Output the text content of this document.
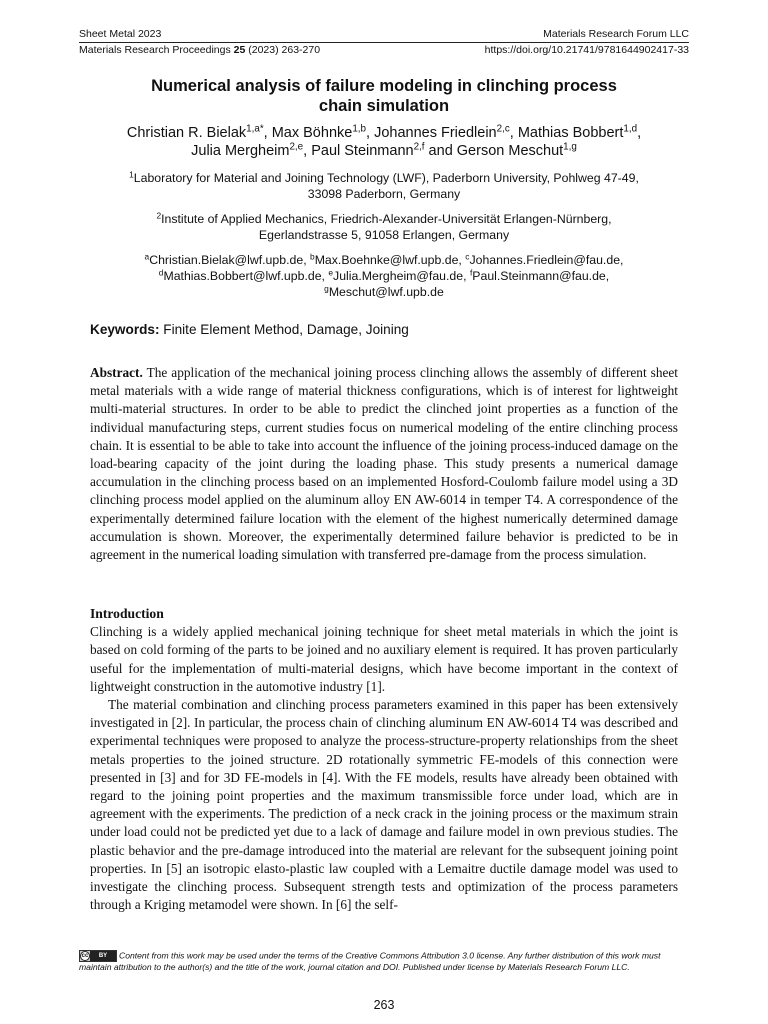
Sheet Metal 2023	Materials Research Forum LLC
Materials Research Proceedings 25 (2023) 263-270	https://doi.org/10.21741/9781644902417-33
Numerical analysis of failure modeling in clinching process
chain simulation
Christian R. Bielak$^{1,a*}$, Max Böhnke$^{1,b}$, Johannes Friedlein$^{2,c}$, Mathias Bobbert$^{1,d}$,
Julia Mergheim$^{2,e}$, Paul Steinmann$^{2,f}$ and Gerson Meschut$^{1,g}$
$^1$Laboratory for Material and Joining Technology (LWF), Paderborn University, Pohlweg 47-49,
33098 Paderborn, Germany
$^2$Institute of Applied Mechanics, Friedrich-Alexander-Universität Erlangen-Nürnberg,
Egerlandstrasse 5, 91058 Erlangen, Germany
$^a$Christian.Bielak@lwf.upb.de, $^b$Max.Boehnke@lwf.upb.de, $^c$Johannes.Friedlein@fau.de,
$^d$Mathias.Bobbert@lwf.upb.de, $^e$Julia.Mergheim@fau.de, $^f$Paul.Steinmann@fau.de,
$^g$Meschut@lwf.upb.de
Keywords: Finite Element Method, Damage, Joining

Abstract. The application of the mechanical joining process clinching allows the assembly of different sheet metal materials with a wide range of material thickness configurations, which is of interest for lightweight multi-material structures. In order to be able to predict the clinched joint properties as a function of the individual manufacturing steps, current studies focus on numerical modeling of the entire clinching process chain. It is essential to be able to take into account the influence of the joining process-induced damage on the load-bearing capacity of the joint during the loading phase. This study presents a numerical damage accumulation in the clinching process based on an implemented Hosford-Coulomb failure model using a 3D clinching process model applied on the aluminum alloy EN AW-6014 in temper T4. A correspondence of the experimentally determined failure location with the element of the highest numerically determined damage accumulation is shown. Moreover, the experimentally determined failure behavior is predicted to be in agreement in the numerical loading simulation with transferred pre-damage from the process simulation.

Introduction

Clinching is a widely applied mechanical joining technique for sheet metal materials in which the joint is based on cold forming of the parts to be joined and no auxiliary element is required. It has proven particularly useful for the implementation of multi-material designs, which have become important in the context of lightweight construction in the automotive industry [1].

The material combination and clinching process parameters examined in this paper has been extensively investigated in [2]. In particular, the process chain of clinching aluminum EN AW-6014 T4 was described and experimental techniques were proposed to analyze the process-structure-property relationships from the sheet metals properties to the joined structure. 2D rotationally symmetric FE-models of this connection were presented in [3] and for 3D FE-models in [4]. With the FE models, results have already been obtained with regard to the joining point properties and the maximum transmissible force under load, which are in agreement with the experiments. The prediction of a neck crack in the joining process or the maximum strain under load could not be predicted yet due to a lack of damage and failure model in own previous studies. The plastic behavior and the pre-damage introduced into the material are relevant for the subsequent joining point properties. In [5] an isotropic elasto-plastic law coupled with a Lemaitre ductile damage model was used to investigate the clinching process. Subsequent strength tests and optimization of the process parameters through a Kriging metamodel were shown. In [6] the self-

cc	BY	Content from this work may be used under the terms of the Creative Commons Attribution 3.0 license. Any further distribution of this work must maintain attribution to the author(s) and the title of the work, journal citation and DOI. Published under license by Materials Research Forum LLC.
263
